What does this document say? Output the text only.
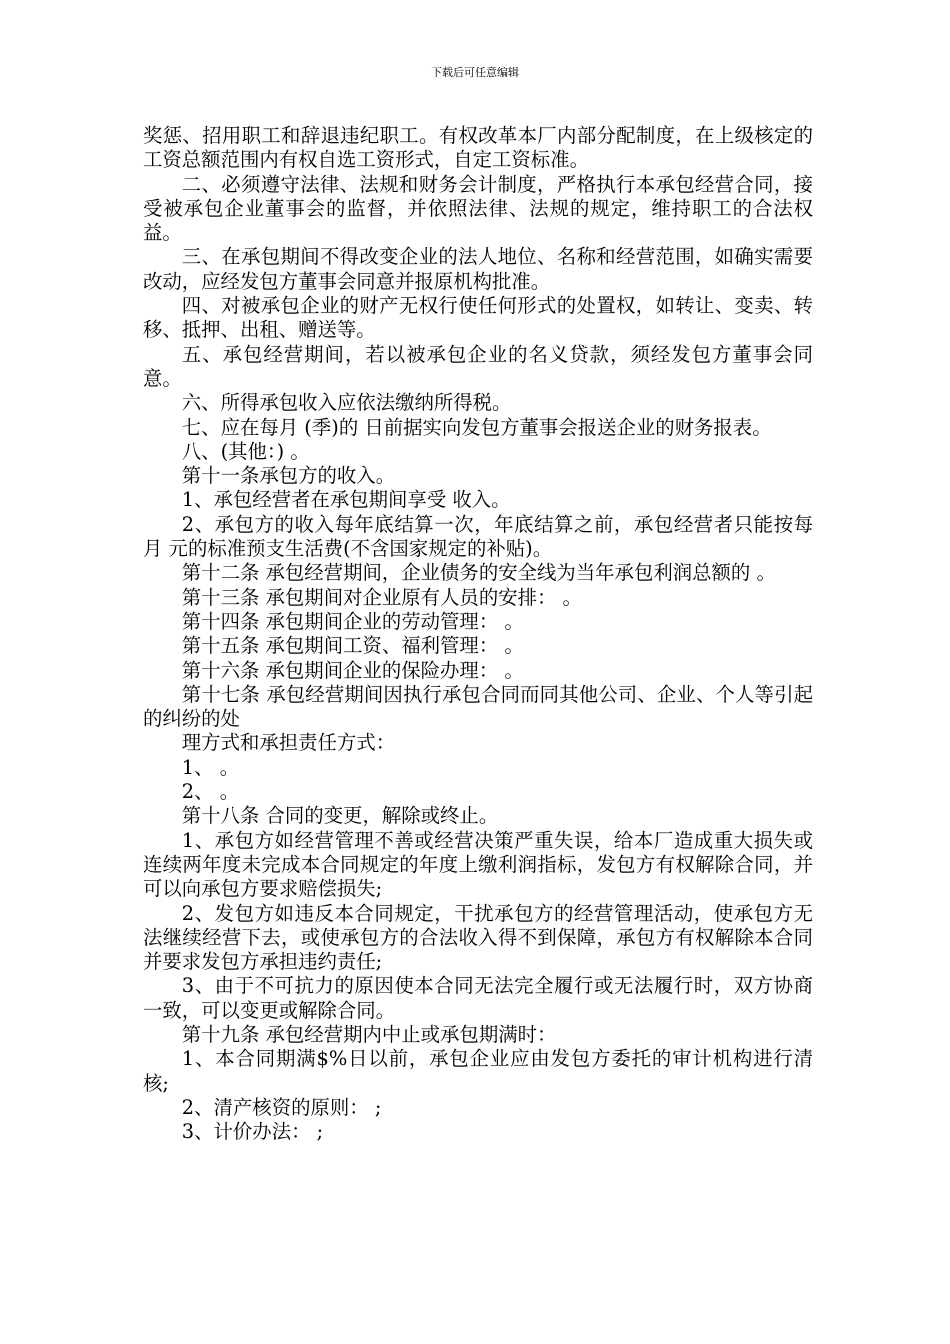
下载后可任意编辑

奖惩、招用职工和辞退违纪职工。有权改革本厂内部分配制度，在上级核定的工资总额范围内有权自选工资形式，自定工资标准。

二、必须遵守法律、法规和财务会计制度，严格执行本承包经营合同，接受被承包企业董事会的监督，并依照法律、法规的规定，维持职工的合法权益。

三、在承包期间不得改变企业的法人地位、名称和经营范围，如确实需要改动，应经发包方董事会同意并报原机构批准。

四、对被承包企业的财产无权行使任何形式的处置权，如转让、变卖、转移、抵押、出租、赠送等。

五、承包经营期间，若以被承包企业的名义贷款，须经发包方董事会同意。

六、所得承包收入应依法缴纳所得税。

七、应在每月 (季)的 日前据实向发包方董事会报送企业的财务报表。

八、(其他：) 。

第十一条承包方的收入。

1、承包经营者在承包期间享受 收入。

2、承包方的收入每年底结算一次，年底结算之前，承包经营者只能按每月 元的标准预支生活费(不含国家规定的补贴)。

第十二条 承包经营期间，企业债务的安全线为当年承包利润总额的 。

第十三条 承包期间对企业原有人员的安排： 。

第十四条 承包期间企业的劳动管理： 。

第十五条 承包期间工资、福利管理： 。

第十六条 承包期间企业的保险办理： 。

第十七条 承包经营期间因执行承包合同而同其他公司、企业、个人等引起的纠纷的处

理方式和承担责任方式：

1、 。

2、 。

第十八条 合同的变更，解除或终止。

1、承包方如经营管理不善或经营决策严重失误，给本厂造成重大损失或连续两年度未完成本合同规定的年度上缴利润指标，发包方有权解除合同，并可以向承包方要求赔偿损失;

2、发包方如违反本合同规定，干扰承包方的经营管理活动，使承包方无法继续经营下去，或使承包方的合法收入得不到保障，承包方有权解除本合同并要求发包方承担违约责任;

3、由于不可抗力的原因使本合同无法完全履行或无法履行时，双方协商一致，可以变更或解除合同。

第十九条 承包经营期内中止或承包期满时：

1、本合同期满$%日以前，承包企业应由发包方委托的审计机构进行清核;

2、清产核资的原则： ;

3、计价办法： ;
